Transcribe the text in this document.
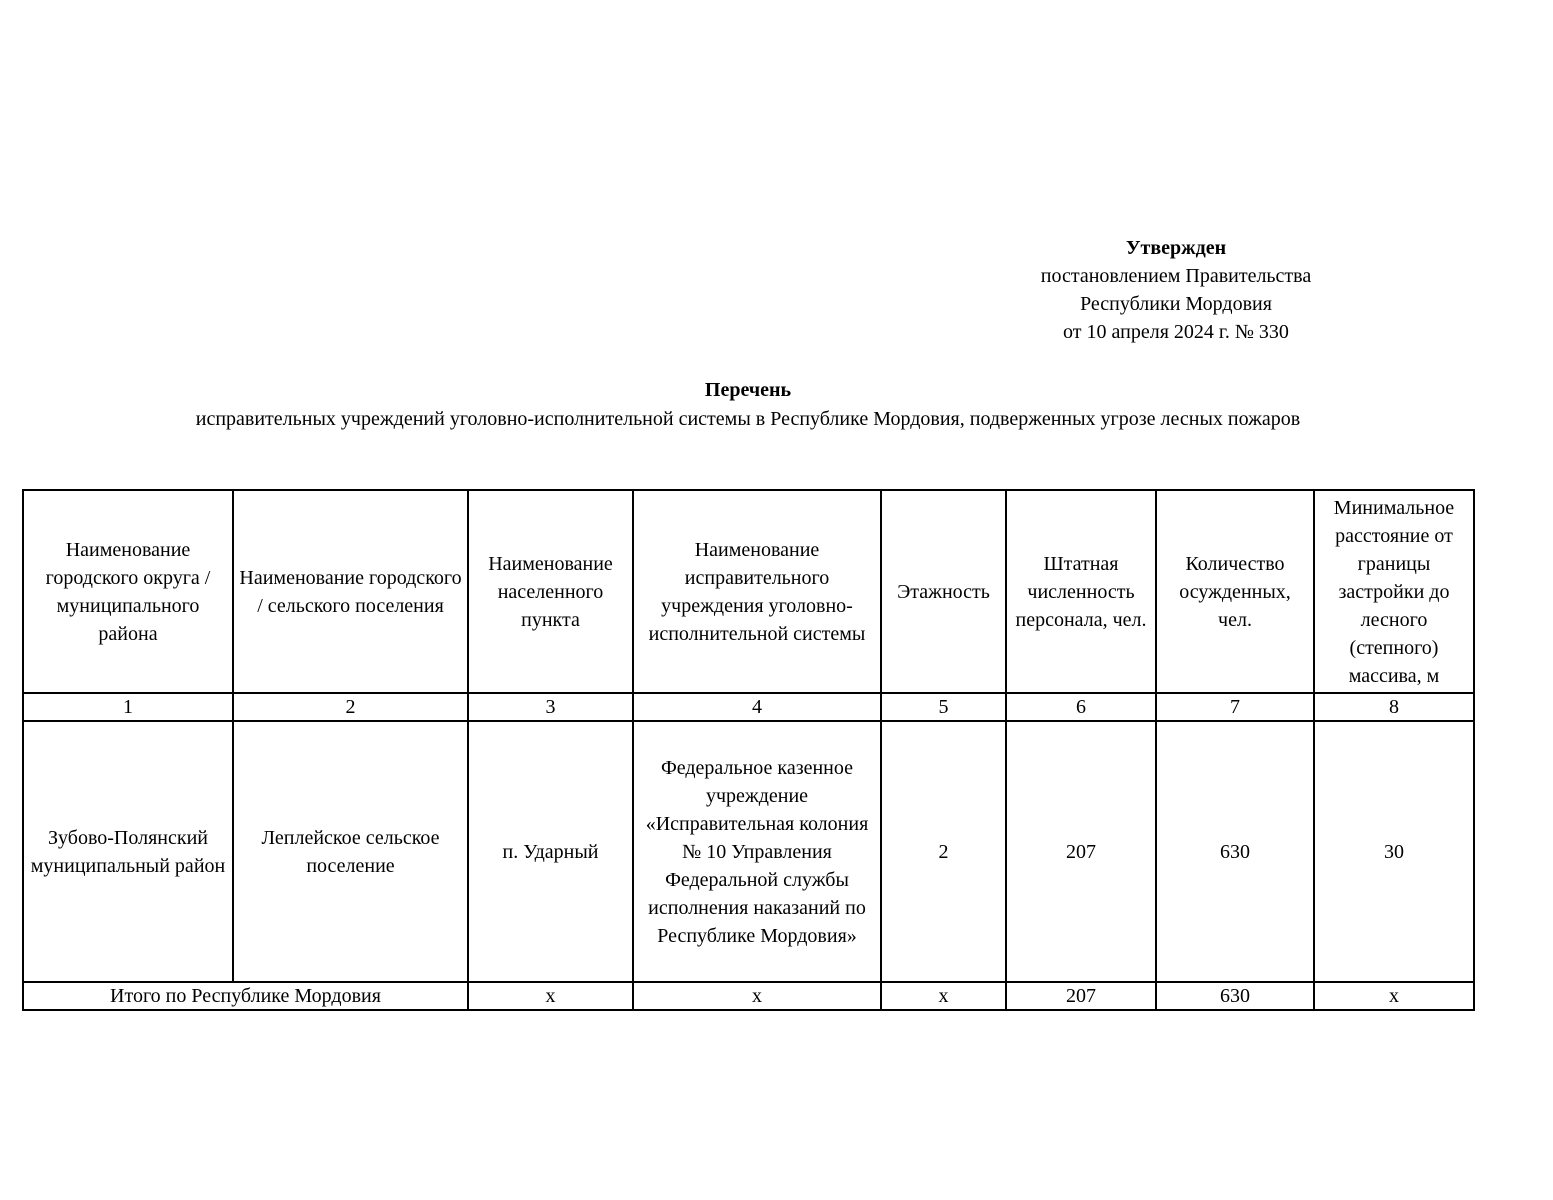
Утвержден
постановлением Правительства
Республики Мордовия
от 10 апреля 2024 г. № 330
Перечень
исправительных учреждений уголовно-исполнительной системы в Республике Мордовия, подверженных угрозе лесных пожаров
Наименование городского округа / муниципального района	Наименование городского / сельского поселения	Наименование населенного пункта	Наименование исправительного учреждения уголовно-исполнительной системы	Этажность	Штатная численность персонала, чел.	Количество осужденных, чел.	Минимальное расстояние от границы застройки до лесного (степного) массива, м
1	2	3	4	5	6	7	8
Зубово-Полянский муниципальный район	Леплейское сельское поселение	п. Ударный	Федеральное казенное учреждение «Исправительная колония № 10 Управления Федеральной службы исполнения наказаний по Республике Мордовия»	2	207	630	30
Итого по Республике Мордовия		х	х	х	207	630	х
